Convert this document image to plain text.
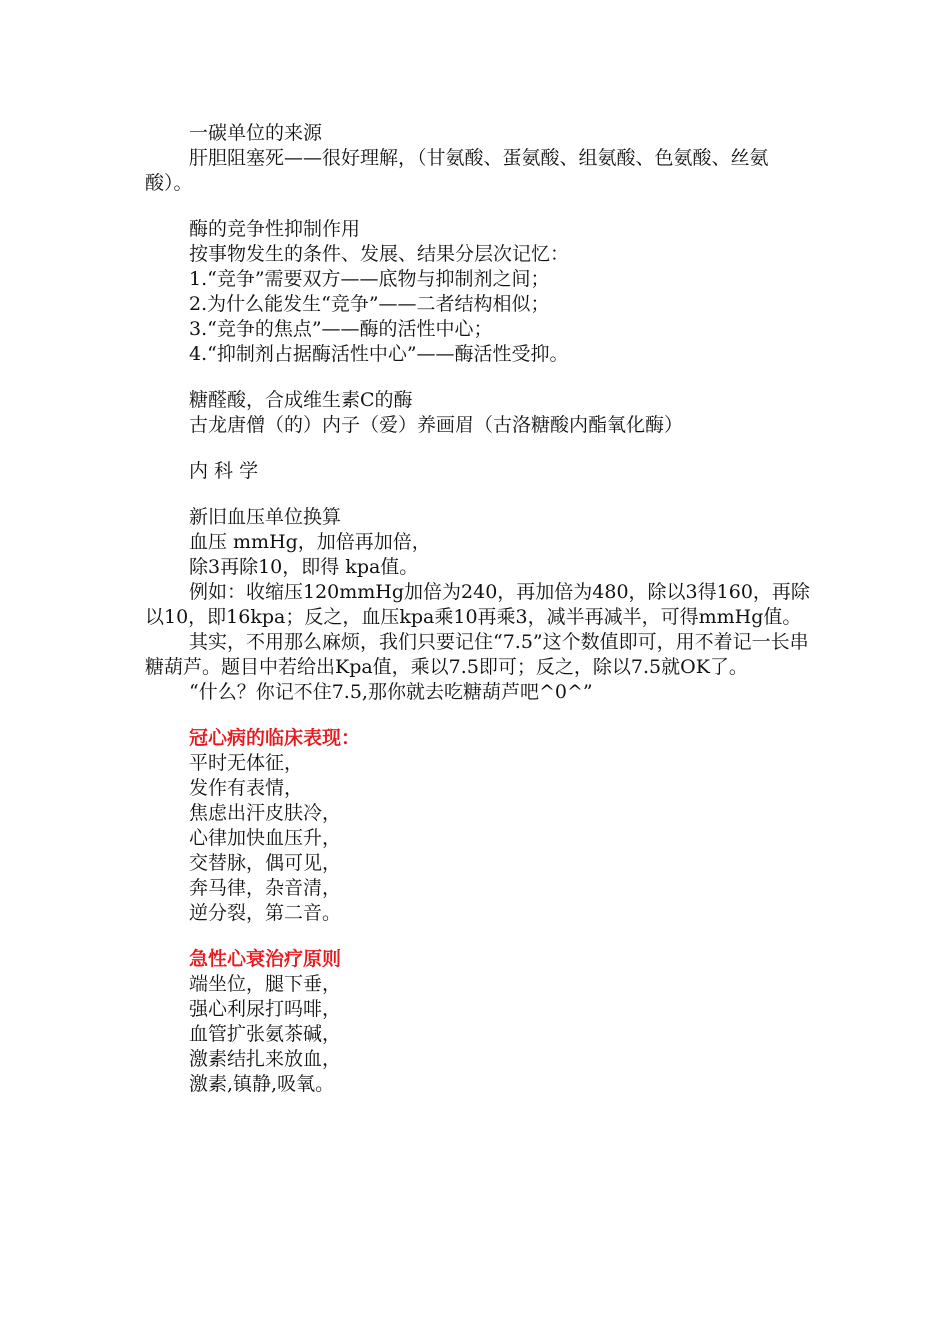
一碳单位的来源

肝胆阻塞死——很好理解，（甘氨酸、蛋氨酸、组氨酸、色氨酸、丝氨酸）。

酶的竞争性抑制作用

按事物发生的条件、发展、结果分层次记忆：

1.“竞争”需要双方——底物与抑制剂之间；

2.为什么能发生“竞争”——二者结构相似；

3.“竞争的焦点”——酶的活性中心；

4.“抑制剂占据酶活性中心”——酶活性受抑。

糖醛酸，合成维生素C的酶

古龙唐僧（的）内子（爱）养画眉（古洛糖酸内酯氧化酶）

内 科 学

新旧血压单位换算

血压 mmHg，加倍再加倍，

除3再除10，即得 kpa值。

例如：收缩压120mmHg加倍为240，再加倍为480，除以3得160，再除以10，即16kpa；反之，血压kpa乘10再乘3，减半再减半，可得mmHg值。

其实，不用那么麻烦，我们只要记住“7.5”这个数值即可，用不着记一长串糖葫芦。题目中若给出Kpa值，乘以7.5即可；反之，除以7.5就OK了。

“什么？你记不住7.5,那你就去吃糖葫芦吧^0^”

冠心病的临床表现：

平时无体征，

发作有表情，

焦虑出汗皮肤冷，

心律加快血压升，

交替脉，偶可见，

奔马律，杂音清，

逆分裂，第二音。

急性心衰治疗原则

端坐位，腿下垂，

强心利尿打吗啡，

血管扩张氨茶碱，

激素结扎来放血，

激素,镇静,吸氧。
